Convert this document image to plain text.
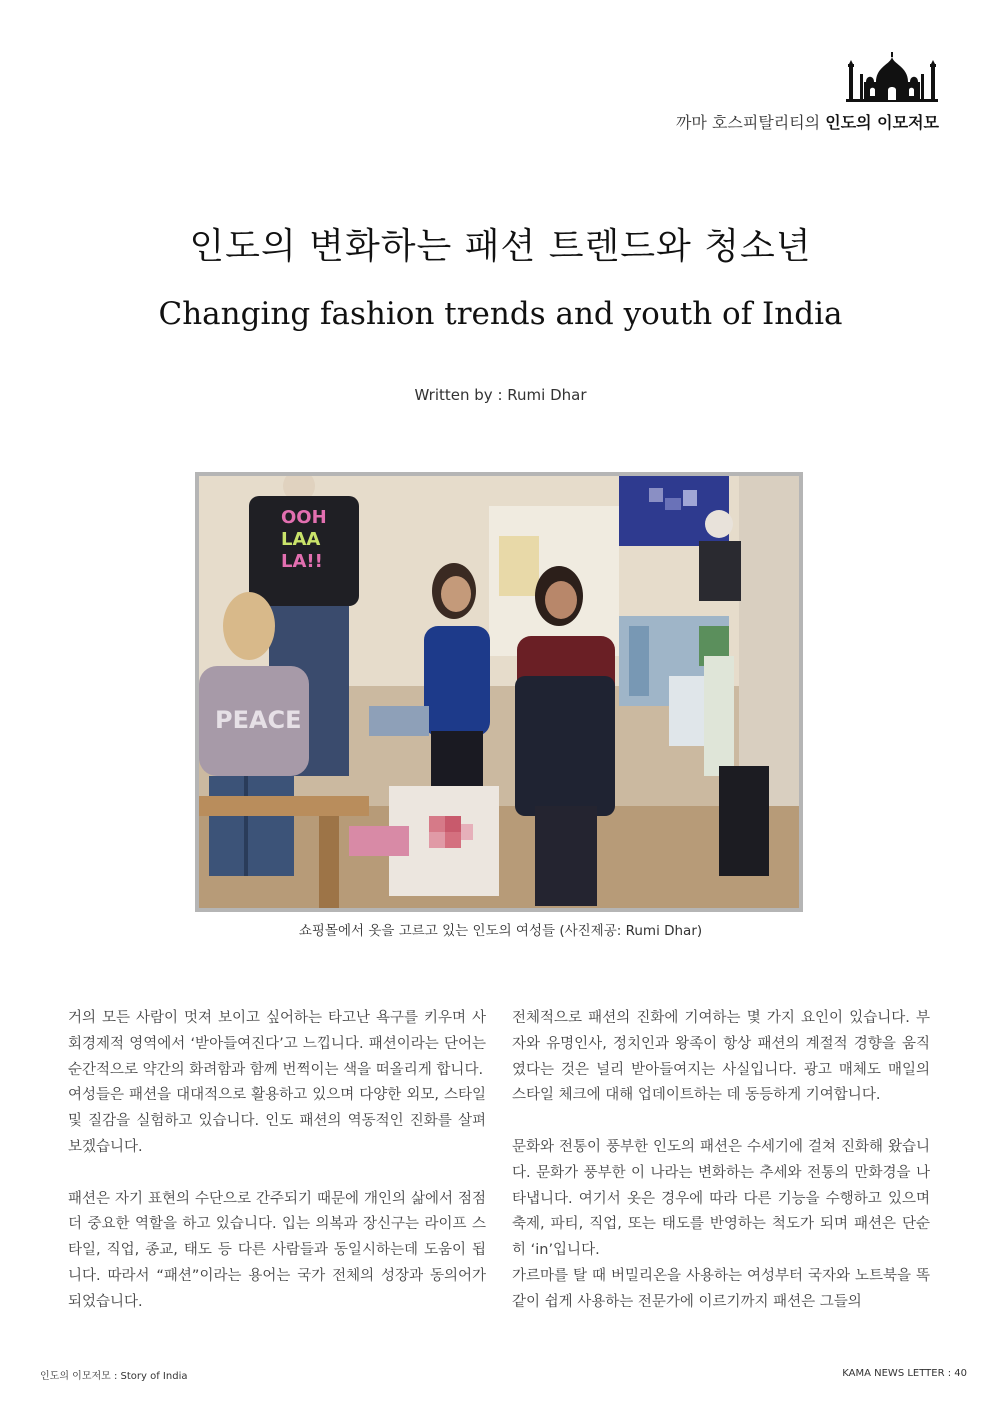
까마 호스피탈리티의 인도의 이모저모
인도의 변화하는 패션 트렌드와 청소년
Changing fashion trends and youth of India
Written by : Rumi Dhar
OOH
LAA
LA!!
PEACE
쇼핑몰에서 옷을 고르고 있는 인도의 여성들 (사진제공: Rumi Dhar)

거의 모든 사람이 멋져 보이고 싶어하는 타고난 욕구를 키우며 사회경제적 영역에서 ‘받아들여진다’고 느낍니다. 패션이라는 단어는 순간적으로 약간의 화려함과 함께 번쩍이는 색을 떠올리게 합니다.

여성들은 패션을 대대적으로 활용하고 있으며 다양한 외모, 스타일 및 질감을 실험하고 있습니다. 인도 패션의 역동적인 진화를 살펴보겠습니다.

패션은 자기 표현의 수단으로 간주되기 때문에 개인의 삶에서 점점 더 중요한 역할을 하고 있습니다. 입는 의복과 장신구는 라이프 스타일, 직업, 종교, 태도 등 다른 사람들과 동일시하는데 도움이 됩니다. 따라서 “패션”이라는 용어는 국가 전체의 성장과 동의어가 되었습니다.

전체적으로 패션의 진화에 기여하는 몇 가지 요인이 있습니다. 부자와 유명인사, 정치인과 왕족이 항상 패션의 계절적 경향을 움직였다는 것은 널리 받아들여지는 사실입니다. 광고 매체도 매일의 스타일 체크에 대해 업데이트하는 데 동등하게 기여합니다.

문화와 전통이 풍부한 인도의 패션은 수세기에 걸쳐 진화해 왔습니다. 문화가 풍부한 이 나라는 변화하는 추세와 전통의 만화경을 나타냅니다. 여기서 옷은 경우에 따라 다른 기능을 수행하고 있으며 축제, 파티, 직업, 또는 태도를 반영하는 척도가 되며 패션은 단순히 ‘in’입니다.

가르마를 탈 때 버밀리온을 사용하는 여성부터 국자와 노트북을 똑같이 쉽게 사용하는 전문가에 이르기까지 패션은 그들의

인도의 이모저모 : Story of India	KAMA NEWS LETTER : 40
